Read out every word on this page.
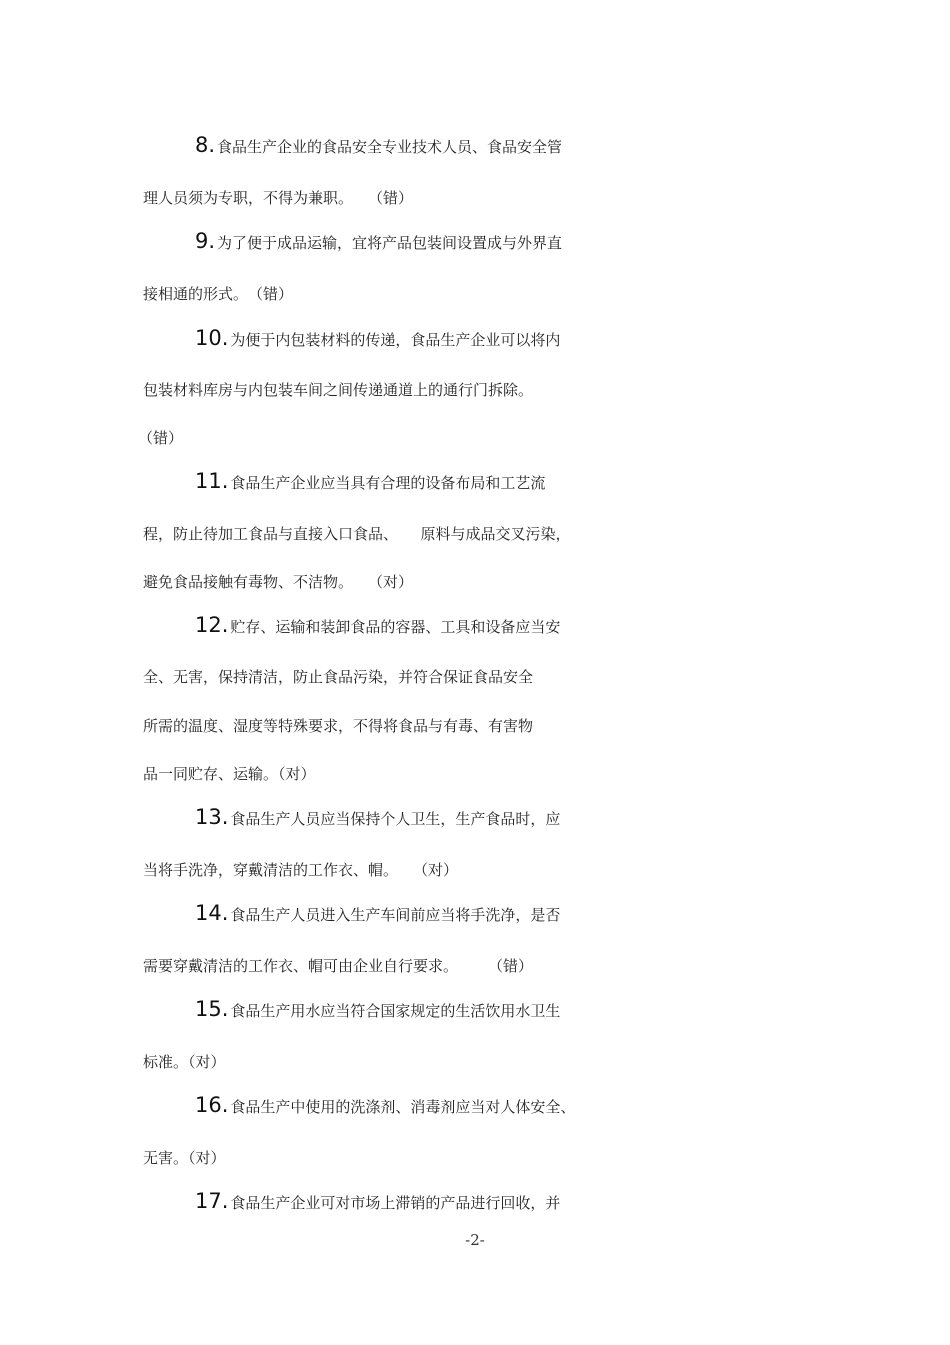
8. 食品生产企业的食品安全专业技术人员、食品安全管
理人员须为专职，不得为兼职。　　（错）
9. 为了便于成品运输，宜将产品包装间设置成与外界直
接相通的形式。　（错）
10. 为便于内包装材料的传递，食品生产企业可以将内
包装材料库房与内包装车间之间传递通道上的通行门拆除。
（错）
11. 食品生产企业应当具有合理的设备布局和工艺流
程，防止待加工食品与直接入口食品、　　原料与成品交叉污染，
避免食品接触有毒物、不洁物。　　（对）
12. 贮存、运输和装卸食品的容器、工具和设备应当安
全、无害，保持清洁，防止食品污染，并符合保证食品安全
所需的温度、湿度等特殊要求，不得将食品与有毒、有害物
品一同贮存、运输。（对）
13. 食品生产人员应当保持个人卫生，生产食品时，应
当将手洗净，穿戴清洁的工作衣、帽。　　（对）
14. 食品生产人员进入生产车间前应当将手洗净，是否
需要穿戴清洁的工作衣、帽可由企业自行要求。　　　（错）
15. 食品生产用水应当符合国家规定的生活饮用水卫生
标准。（对）
16. 食品生产中使用的洗涤剂、消毒剂应当对人体安全、
无害。（对）
17. 食品生产企业可对市场上滞销的产品进行回收，并
-2-
